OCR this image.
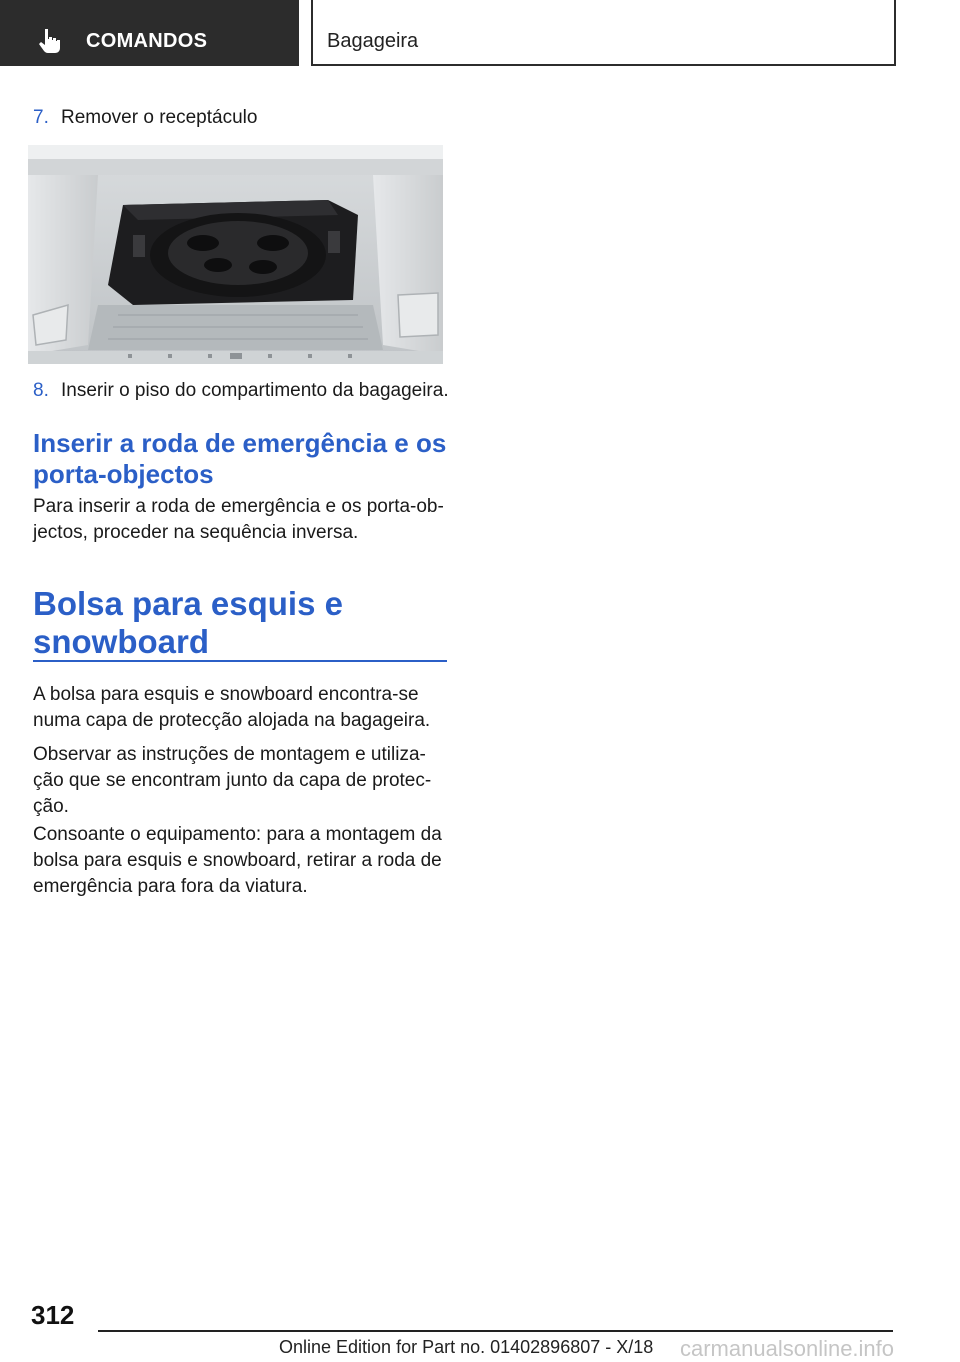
COMANDOS	Bagageira
7. Remover o receptáculo
8. Inserir o piso do compartimento da bagageira.
Inserir a roda de emergência e os porta-objectos

Para inserir a roda de emergência e os porta-ob-jectos, proceder na sequência inversa.

Bolsa para esquis e snowboard

A bolsa para esquis e snowboard encontra-se numa capa de protecção alojada na bagageira.

Observar as instruções de montagem e utiliza-ção que se encontram junto da capa de protec-ção.

Consoante o equipamento: para a montagem da bolsa para esquis e snowboard, retirar a roda de emergência para fora da viatura.

312
Online Edition for Part no. 01402896807 - X/18 carmanualsonline.info
